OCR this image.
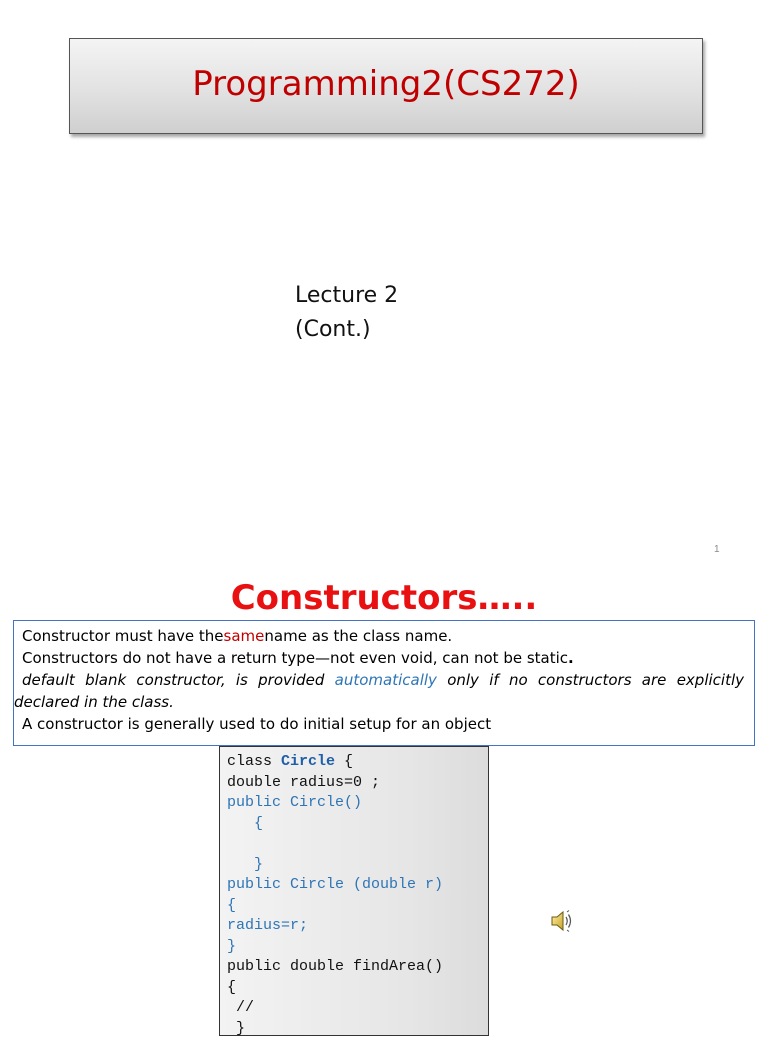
Programming2(CS272)
Lecture 2
(Cont.)
1
Constructors…..
Constructor must have the same name as the class name.
Constructors do not have a return type—not even void, can not be static .
default blank constructor, is provided automatically only if no constructors are explicitly declared in the class.
A constructor is generally used to do initial setup for an object
class Circle {
double radius=0 ;
public Circle()
{
}
public Circle (double r)
{
radius=r;
}
public double findArea()
{
//
}
